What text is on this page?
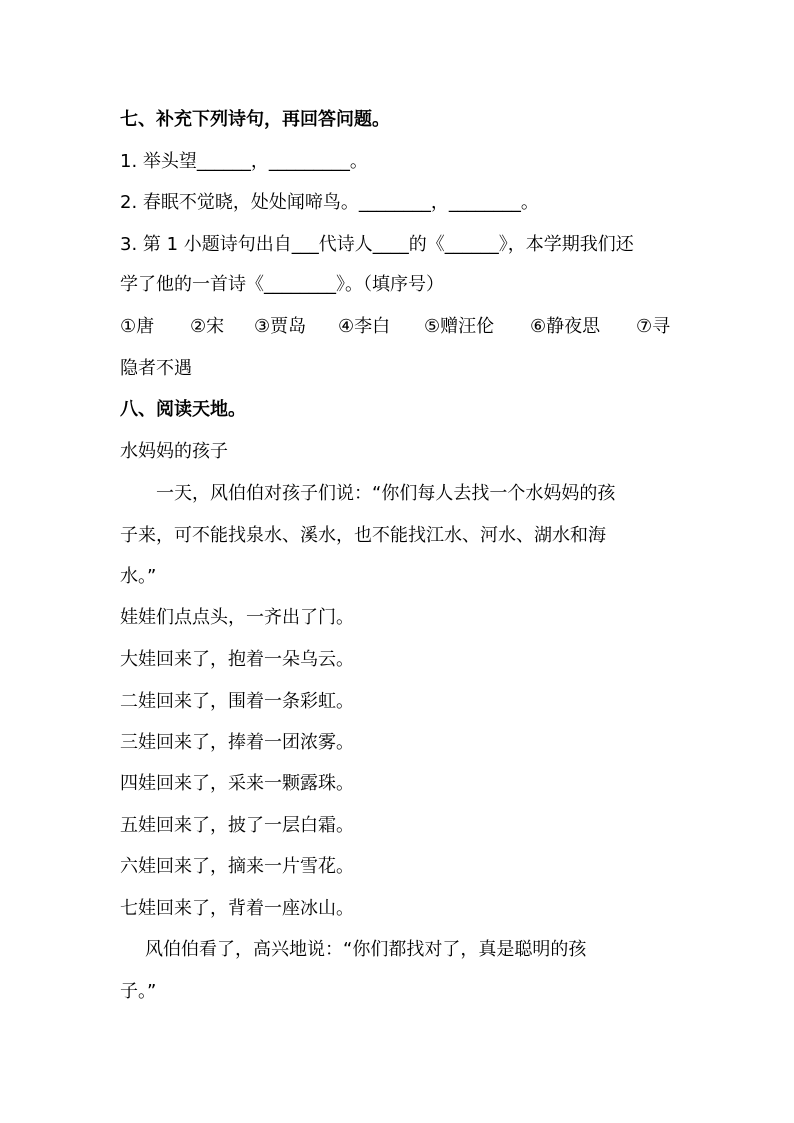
七、补充下列诗句，再回答问题。
1. 举头望______，_________。
2. 春眠不觉晓，处处闻啼鸟。________，________。
3. 第 1 小题诗句出自___代诗人____的《______》，本学期我们还
学了他的一首诗《________》。（填序号）
①唐 ②宋 ③贾岛 ④李白 ⑤赠汪伦 ⑥静夜思 ⑦寻
隐者不遇
八、阅读天地。
水妈妈的孩子
一天，风伯伯对孩子们说：“你们每人去找一个水妈妈的孩
子来，可不能找泉水、溪水，也不能找江水、河水、湖水和海
水。”
娃娃们点点头，一齐出了门。
大娃回来了，抱着一朵乌云。
二娃回来了，围着一条彩虹。
三娃回来了，捧着一团浓雾。
四娃回来了，采来一颗露珠。
五娃回来了，披了一层白霜。
六娃回来了，摘来一片雪花。
七娃回来了，背着一座冰山。
风伯伯看了，高兴地说：“你们都找对了，真是聪明的孩
子。”
